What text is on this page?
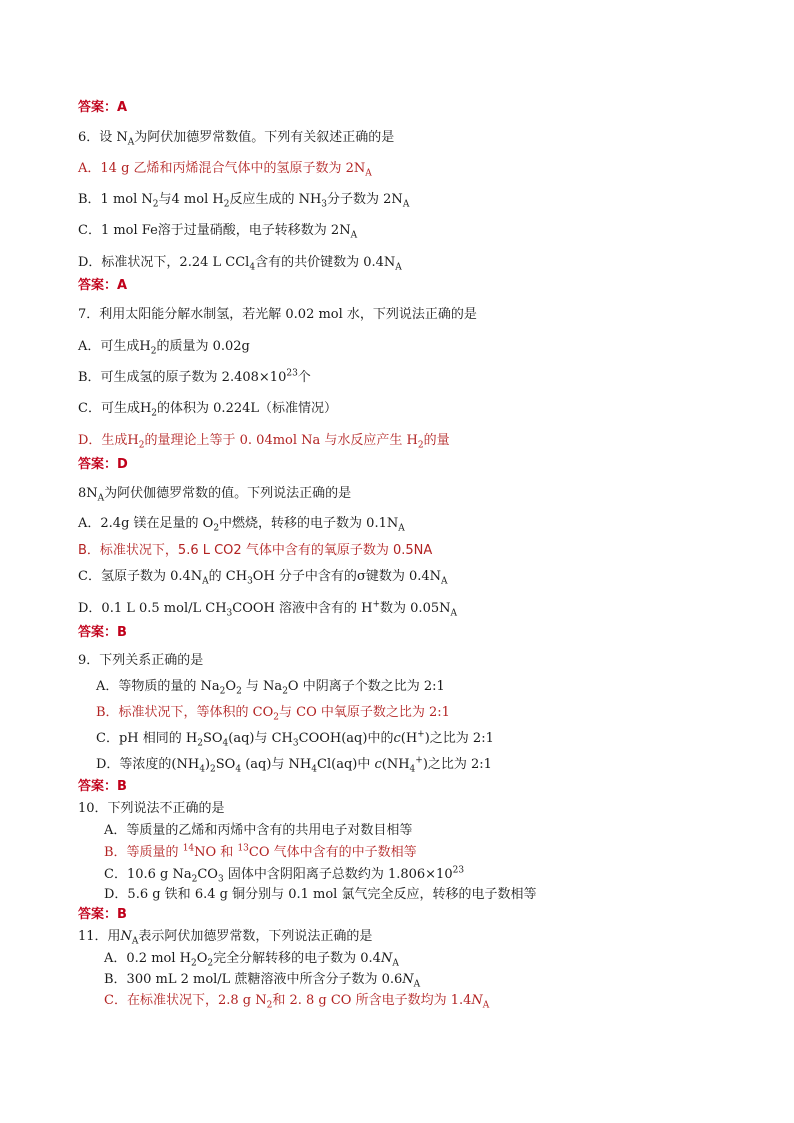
答案：A
6．设 $N_A$为阿伏加德罗常数值。下列有关叙述正确的是
A．14 g 乙烯和丙烯混合气体中的氢原子数为 $2N_A$
B．1 mol $N_2$与4 mol $H_2$反应生成的 $NH_3$分子数为 $2N_A$
C．1 mol Fe溶于过量硝酸，电子转移数为 $2N_A$
D．标准状况下，2.24 L CCl$_4$含有的共价键数为 $0.4N_A$
答案：A
7．利用太阳能分解水制氢，若光解 0.02 mol 水，下列说法正确的是
A．可生成$H_2$的质量为 0.02g
B．可生成氢的原子数为 $2.408\times 10^{23}$个
C．可生成$H_2$的体积为 0.224L（标准情况）
D．生成$H_2$的量理论上等于 0. 04mol Na 与水反应产生 $H_2$的量
答案：D
$8N_A$为阿伏伽德罗常数的值。下列说法正确的是
A．2.4g 镁在足量的 $O_2$中燃烧，转移的电子数为 $0.1N_A$
B．标准状况下，5.6 L CO2 气体中含有的氧原子数为 0.5NA
C．氢原子数为 $0.4N_A$的 $CH_3OH$ 分子中含有的σ键数为 $0.4N_A$
D．0.1 L 0.5 mol/L $CH_3COOH$ 溶液中含有的 H+数为 $0.05N_A$
答案：B
9．下列关系正确的是
A．等物质的量的 $Na_2O_2$ 与 $Na_2O$ 中阴离子个数之比为 2:1
B．标准状况下，等体积的 $CO_2$与 CO 中氧原子数之比为 2:1
C．pH 相同的 $H_2SO_4(aq)$与 $CH_3COOH(aq)$中的c(H+)之比为 2:1
D．等浓度的$(NH_4)_2SO_4$ (aq)与 $NH_4Cl(aq)$中 $c(NH_4^+)$之比为 2:1
答案：B
10．下列说法不正确的是
A．等质量的乙烯和丙烯中含有的共用电子对数目相等
B．等质量的 $^{14}$NO 和 $^{13}$CO 气体中含有的中子数相等
C．10.6 g $Na_2CO_3$ 固体中含阴阳离子总数约为 $1.806\times 10^{23}$
D．5.6 g 铁和 6.4 g 铜分别与 0.1 mol 氯气完全反应，转移的电子数相等
答案：B
11．用$N_A$表示阿伏加德罗常数，下列说法正确的是
A．0.2 mol $H_2O_2$完全分解转移的电子数为 $0.4N_A$
B．300 mL 2 mol/L 蔗糖溶液中所含分子数为 $0.6N_A$
C．在标准状况下，2.8 g $N_2$和 2. 8 g CO 所含电子数均为 $1.4N_A$
